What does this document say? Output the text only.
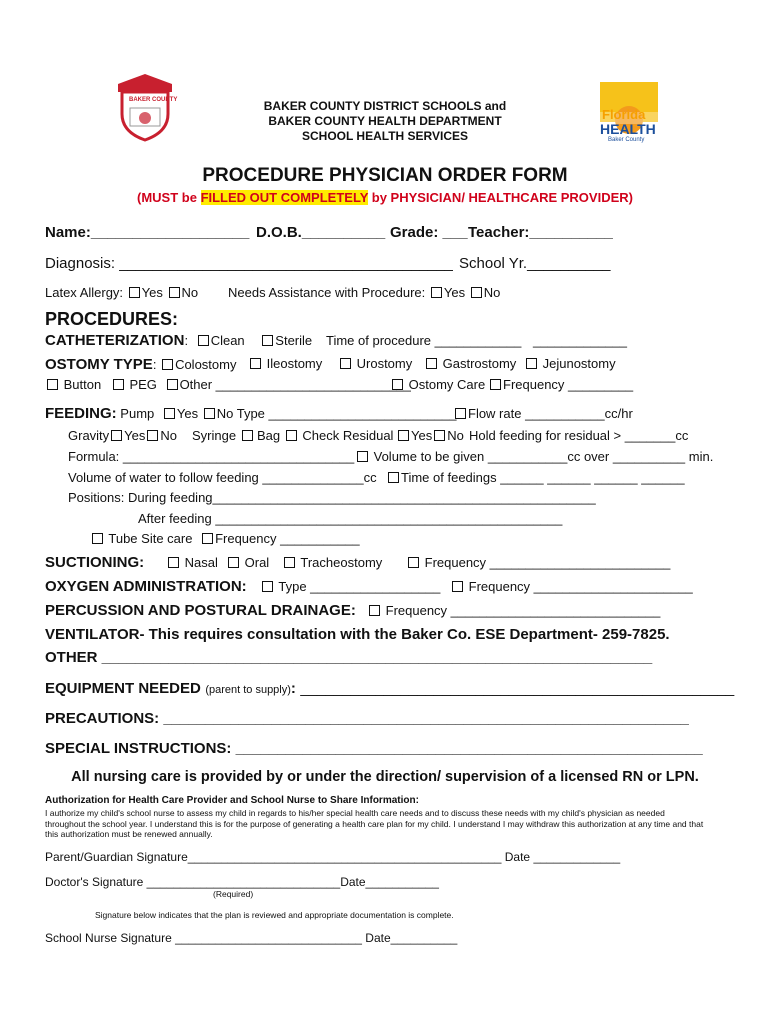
BAKER COUNTY	BAKER COUNTY DISTRICT SCHOOLS and
BAKER COUNTY HEALTH DEPARTMENT
SCHOOL HEALTH SERVICES
Florida
HEALTH
Baker County
PROCEDURE PHYSICIAN ORDER FORM
(MUST be FILLED OUT COMPLETELY by PHYSICIAN/ HEALTHCARE PROVIDER)
Name:___________________ D.O.B.__________ Grade: ___ Teacher:__________
Diagnosis: ________________________________________ School Yr.__________
Latex Allergy: Yes No Needs Assistance with Procedure: Yes No
PROCEDURES:
CATHETERIZATION: Clean Sterile Time of procedure ____________ _____________
OSTOMY TYPE: Colostomy	Ileostomy	Urostomy	Gastrostomy	Jejunostomy
Button PEG Other ___________________________
Ostomy Care	Frequency _________
FEEDING: Pump Yes No Type __________________________ Flow rate ___________cc/hr
Gravity Yes No Syringe	Bag Check Residual	Yes No Hold feeding for residual > _______cc
Formula: ________________________________	Volume to be given ___________cc over __________ min.
Volume of water to follow feeding ______________cc	Time of feedings ______ ______ ______ ______
Positions: During feeding_____________________________________________________
After feeding ________________________________________________
Tube Site care Frequency ___________
SUCTIONING:	Nasal	Oral	Tracheostomy	Frequency _________________________
OXYGEN ADMINISTRATION:	Type __________________	Frequency ______________________
PERCUSSION AND POSTURAL DRAINAGE:	Frequency _____________________________
VENTILATOR- This requires consultation with the Baker Co. ESE Department- 259-7825.
OTHER __________________________________________________________________
EQUIPMENT NEEDED (parent to supply): ____________________________________________________
PRECAUTIONS: _______________________________________________________________
SPECIAL INSTRUCTIONS: ________________________________________________________
All nursing care is provided by or under the direction/ supervision of a licensed RN or LPN.
Authorization for Health Care Provider and School Nurse to Share Information:
I authorize my child's school nurse to assess my child in regards to his/her special health care needs and to discuss these needs with my child's physician as needed throughout the school year. I understand this is for the purpose of generating a health care plan for my child. I understand I may withdraw this authorization at any time and that this authorization must be renewed annually.
Parent/Guardian Signature_______________________________________________ Date _____________
Doctor's Signature _____________________________Date___________
(Required)
Signature below indicates that the plan is reviewed and appropriate documentation is complete.
School Nurse Signature ____________________________ Date__________
